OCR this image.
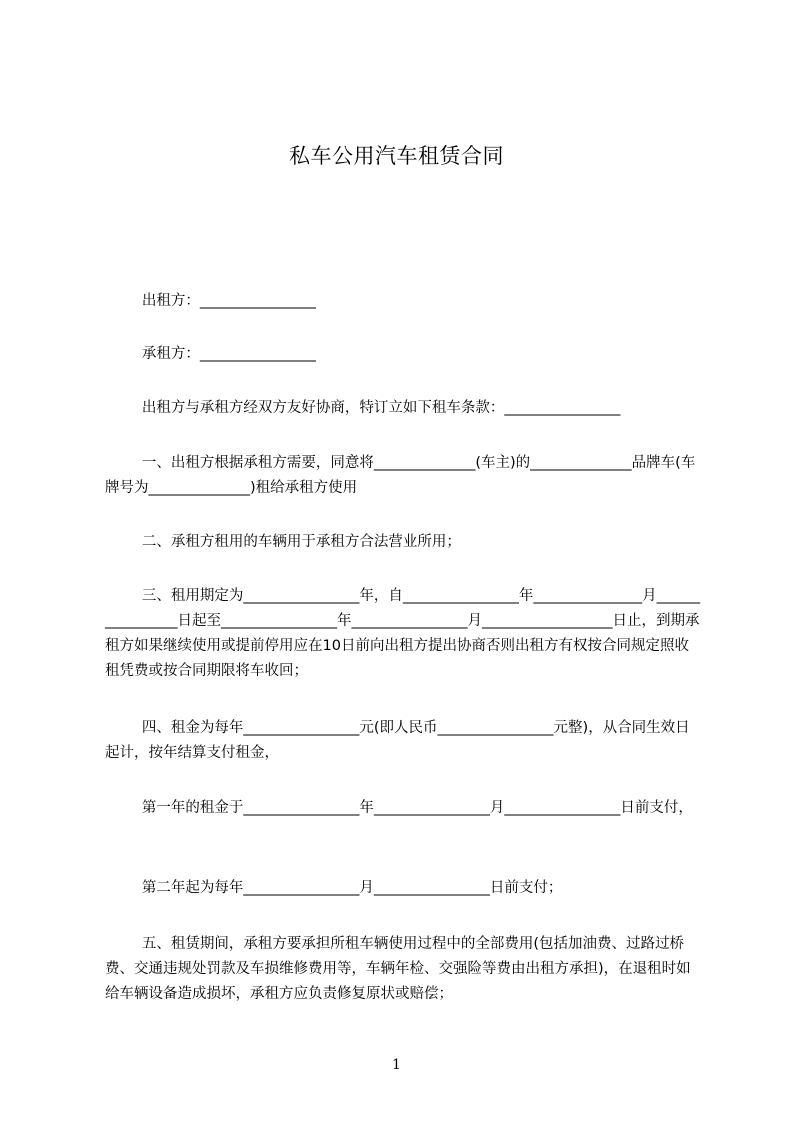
私车公用汽车租赁合同
出租方：________________
承租方：________________
出租方与承租方经双方友好协商，特订立如下租车条款：________________
一、出租方根据承租方需要，同意将______________(车主)的______________品牌车(车牌号为______________)租给承租方使用
二、承租方租用的车辆用于承租方合法营业所用；
三、租用期定为________________年，自________________年_______________月________________日起至________________年________________月__________________日止，到期承租方如果继续使用或提前停用应在10日前向出租方提出协商否则出租方有权按合同规定照收租凭费或按合同期限将车收回；
四、租金为每年________________元(即人民币________________元整)，从合同生效日起计，按年结算支付租金，
第一年的租金于________________年________________月________________日前支付，
第二年起为每年________________月________________日前支付；
五、租赁期间，承租方要承担所租车辆使用过程中的全部费用(包括加油费、过路过桥费、交通违规处罚款及车损维修费用等，车辆年检、交强险等费由出租方承担)，在退租时如给车辆设备造成损坏，承租方应负责修复原状或赔偿；
1
